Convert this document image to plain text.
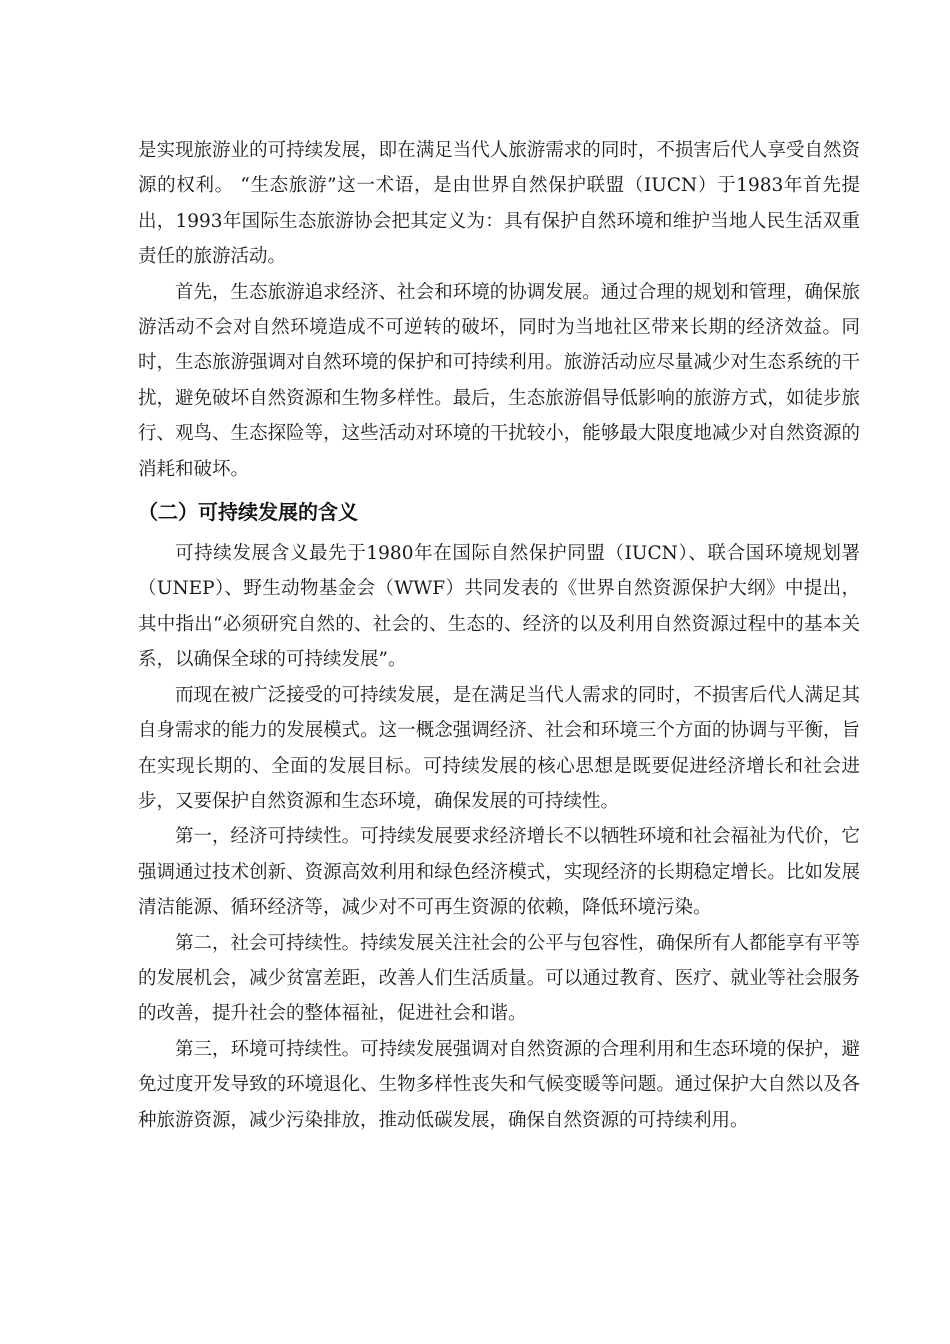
是实现旅游业的可持续发展，即在满足当代人旅游需求的同时，不损害后代人享受自然资源的权利。 “生态旅游”这一术语，是由世界自然保护联盟（IUCN）于1983年首先提出，1993年国际生态旅游协会把其定义为：具有保护自然环境和维护当地人民生活双重责任的旅游活动。

首先，生态旅游追求经济、社会和环境的协调发展。通过合理的规划和管理，确保旅游活动不会对自然环境造成不可逆转的破坏，同时为当地社区带来长期的经济效益。同时，生态旅游强调对自然环境的保护和可持续利用。旅游活动应尽量减少对生态系统的干扰，避免破坏自然资源和生物多样性。最后，生态旅游倡导低影响的旅游方式，如徒步旅行、观鸟、生态探险等，这些活动对环境的干扰较小，能够最大限度地减少对自然资源的消耗和破坏。

（二）可持续发展的含义

可持续发展含义最先于1980年在国际自然保护同盟（IUCN）、联合国环境规划署（UNEP）、野生动物基金会（WWF）共同发表的《世界自然资源保护大纲》中提出，其中指出“必须研究自然的、社会的、生态的、经济的以及利用自然资源过程中的基本关系，以确保全球的可持续发展”。

而现在被广泛接受的可持续发展，是在满足当代人需求的同时，不损害后代人满足其自身需求的能力的发展模式。这一概念强调经济、社会和环境三个方面的协调与平衡，旨在实现长期的、全面的发展目标。可持续发展的核心思想是既要促进经济增长和社会进步，又要保护自然资源和生态环境，确保发展的可持续性。

第一，经济可持续性。可持续发展要求经济增长不以牺牲环境和社会福祉为代价，它强调通过技术创新、资源高效利用和绿色经济模式，实现经济的长期稳定增长。比如发展清洁能源、循环经济等，减少对不可再生资源的依赖，降低环境污染。

第二，社会可持续性。持续发展关注社会的公平与包容性，确保所有人都能享有平等的发展机会，减少贫富差距，改善人们生活质量。可以通过教育、医疗、就业等社会服务的改善，提升社会的整体福祉，促进社会和谐。

第三，环境可持续性。可持续发展强调对自然资源的合理利用和生态环境的保护，避免过度开发导致的环境退化、生物多样性丧失和气候变暖等问题。通过保护大自然以及各种旅游资源，减少污染排放，推动低碳发展，确保自然资源的可持续利用。
